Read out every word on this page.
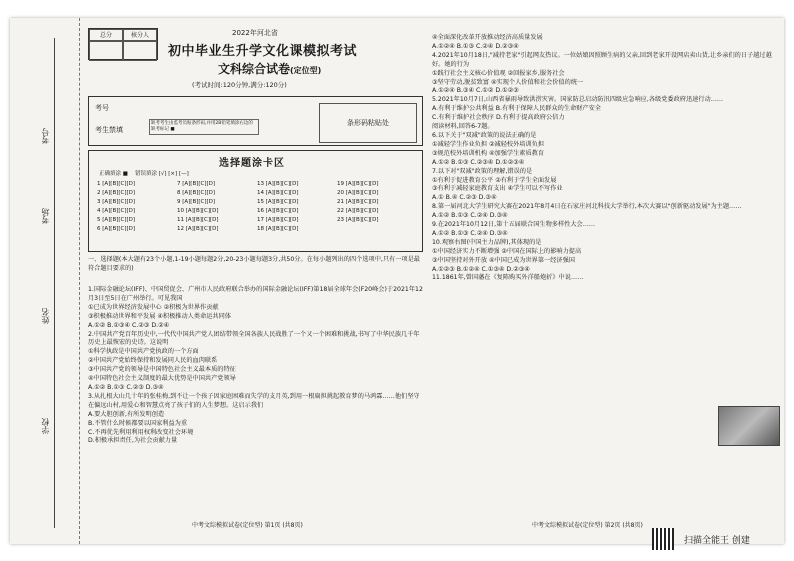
考号
考场
姓名
学校
总分	核分人	2022年河北省
初中毕业生升学文化课模拟考试
文科综合试卷(定位型)
(考试时间:120分钟,满分:120分)
考号
考生禁填
缺考考生由监考员贴条形码,并用2B铅笔填涂右边的缺考标记 ■
条形码粘贴处
选择题涂卡区
正确填涂 ■    错误填涂 [√] [×] [—]
1 [A][B][C][D]	7 [A][B][C][D]	13 [A][B][C][D]	19 [A][B][C][D]
2 [A][B][C][D]	8 [A][B][C][D]	14 [A][B][C][D]	20 [A][B][C][D]
3 [A][B][C][D]	9 [A][B][C][D]	15 [A][B][C][D]	21 [A][B][C][D]
4 [A][B][C][D]	10 [A][B][C][D]	16 [A][B][C][D]	22 [A][B][C][D]
5 [A][B][C][D]	11 [A][B][C][D]	17 [A][B][C][D]	23 [A][B][C][D]
6 [A][B][C][D]	12 [A][B][C][D]	18 [A][B][C][D]
一、选择题(本大题有23个小题,1-19小题每题2分,20-23小题每题3分,共50分。在每小题列出的四个选项中,只有一项是最符合题目要求的)
1.国际金融论坛(IFF)、中国贸促会、广州市人民政府联合举办的国际金融论坛(IFF)第18届全球年会(F20峰会)于2021年12月3日至5日在广州举行。可见我国
①已成为世界经济发展中心 ②积极为世界作贡献
③积极推动世界和平发展 ④积极推动人类命运共同体
A.①② B.①③④ C.②③ D.②④
2.中国共产党百年历史中,一代代中国共产党人团结带领全国各族人民战胜了一个又一个困难和挑战,书写了中华民族几千年历史上最恢宏的史诗。这说明
①科学执政是中国共产党执政的一个方面
②中国共产党始终保持和发展同人民的血肉联系
③中国共产党的领导是中国特色社会主义最本质的特征
④中国特色社会主义制度的最大优势是中国共产党领导
A.①② B.①③ C.②③ D.③④
3.从扎根大山几十年的张桂梅,到不让一个孩子因家庭困难而失学的支月英,到用一根扁担挑起教育梦的马鸿霖……他们坚守在偏远山村,用爱心和智慧点亮了孩子们的人生梦想。这启示我们
A.要大胆创新,有所发明创造
B.不管什么时候都要以国家利益为重
C.不再优先利用利用权利改变社会环境
D.积极承担责任,为社会贡献力量
中考文综模拟试卷(定位型) 第1页 (共8页)
④全面深化改革开放推动经济高质量发展
A.①②④ B.①③ C.②④ D.②③④
4.2021年10月18日,"减持老家"引起网友热议。一位姑娘因照顾生病的父亲,回到老家开设网店卖山货,让乡亲们的日子越过越好。她的行为
①践行社会主义核心价值观 ②回报家乡,服务社会
③坚守劳动,脱贫致富 ④实现个人价值和社会价值的统一
A.①②④ B.③④ C.①② D.①②③
5.2021年10月7日,山西省暴雨导致洪涝灾害。国家防总启动防汛四级应急响应,各级党委政府迅速行动……
A.有利于维护公共利益 B.有利于保障人民群众的生命财产安全
C.有利于维护社会秩序 D.有利于提高政府公信力
阅读材料,回答6-7题。
6.以下关于"双减"政策的说法正确的是
①减轻学生作业负担 ②减轻校外培训负担
③规范校外培训机构 ④加强学生素质教育
A.①② B.①③ C.②③④ D.①②③④
7.以下对"双减"政策的理解,错误的是
①有利于促进教育公平 ②有利于学生全面发展
③有利于减轻家庭教育支出 ④学生可以不写作业
A.① B.④ C.②③ D.③④
8.第一届河北大学生研究大赛在2021年8月4日在石家庄河北科技大学举行,本次大赛以"创新驱动发展"为主题……
A.①② B.①③ C.②④ D.③④
9.在2021年10月12日,第十五届联合国生物多样性大会……
A.①② B.①③ C.②④ D.③④
10.观察右图(中国主力品牌),其体现的是
①中国经济实力不断增强 ②中国在国际上的影响力提高
③中国坚持对外开放 ④中国已成为世界第一经济强国
A.①②③ B.①②④ C.①③④ D.②③④
11.1861年,曾国藩在《复陈购买外洋船炮折》中说……
中考文综模拟试卷(定位型) 第2页 (共8页)
扫描全能王 创建
